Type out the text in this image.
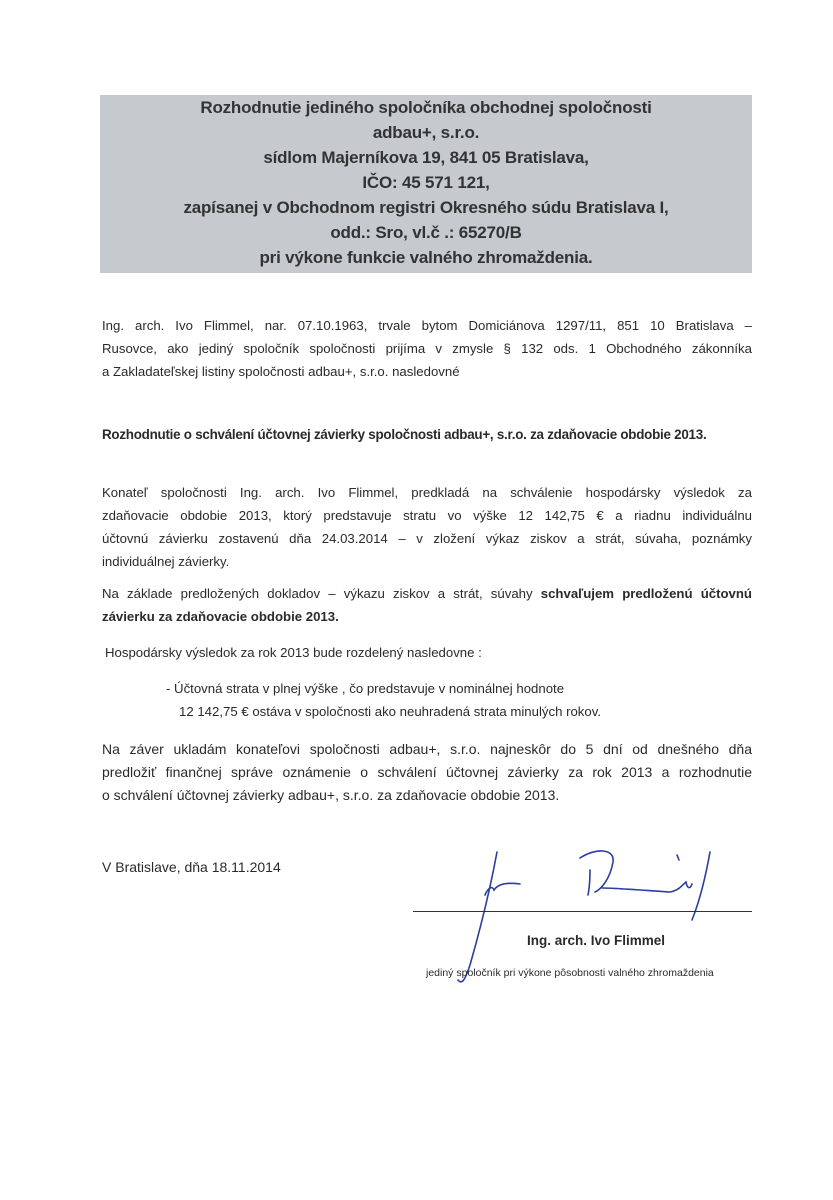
Rozhodnutie jediného spoločníka obchodnej spoločnosti
adbau+, s.r.o.
sídlom Majerníkova 19, 841 05 Bratislava,
IČO: 45 571 121,
zapísanej v Obchodnom registri Okresného súdu Bratislava I,
odd.: Sro, vl.č .: 65270/B
pri výkone funkcie valného zhromaždenia.
Ing. arch. Ivo Flimmel, nar. 07.10.1963, trvale bytom Domiciánova 1297/11, 851 10 Bratislava –
Rusovce, ako jediný spoločník spoločnosti prijíma v zmysle § 132 ods. 1 Obchodného zákonníka
a Zakladateľskej listiny spoločnosti adbau+, s.r.o. nasledovné
Rozhodnutie o schválení účtovnej závierky spoločnosti adbau+, s.r.o. za zdaňovacie obdobie 2013.
Konateľ spoločnosti Ing. arch. Ivo Flimmel, predkladá na schválenie hospodársky výsledok za
zdaňovacie obdobie 2013, ktorý predstavuje stratu vo výške 12 142,75 € a riadnu individuálnu
účtovnú závierku zostavenú dňa 24.03.2014 – v zložení výkaz ziskov a strát, súvaha, poznámky
individuálnej závierky.
Na základe predložených dokladov – výkazu ziskov a strát, súvahy schvaľujem predloženú účtovnú
závierku za zdaňovacie obdobie 2013.
Hospodársky výsledok za rok 2013 bude rozdelený nasledovne :
- Účtovná strata v plnej výške , čo predstavuje v nominálnej hodnote
12 142,75 € ostáva v spoločnosti ako neuhradená strata minulých rokov.
Na záver ukladám konateľovi spoločnosti adbau+, s.r.o. najneskôr do 5 dní od dnešného dňa
predložiť finančnej správe oznámenie o schválení účtovnej závierky za rok 2013 a rozhodnutie
o schválení účtovnej závierky adbau+, s.r.o. za zdaňovacie obdobie 2013.
V Bratislave, dňa 18.11.2014
Ing. arch. Ivo Flimmel
jediný spoločník pri výkone pôsobnosti valného zhromaždenia
